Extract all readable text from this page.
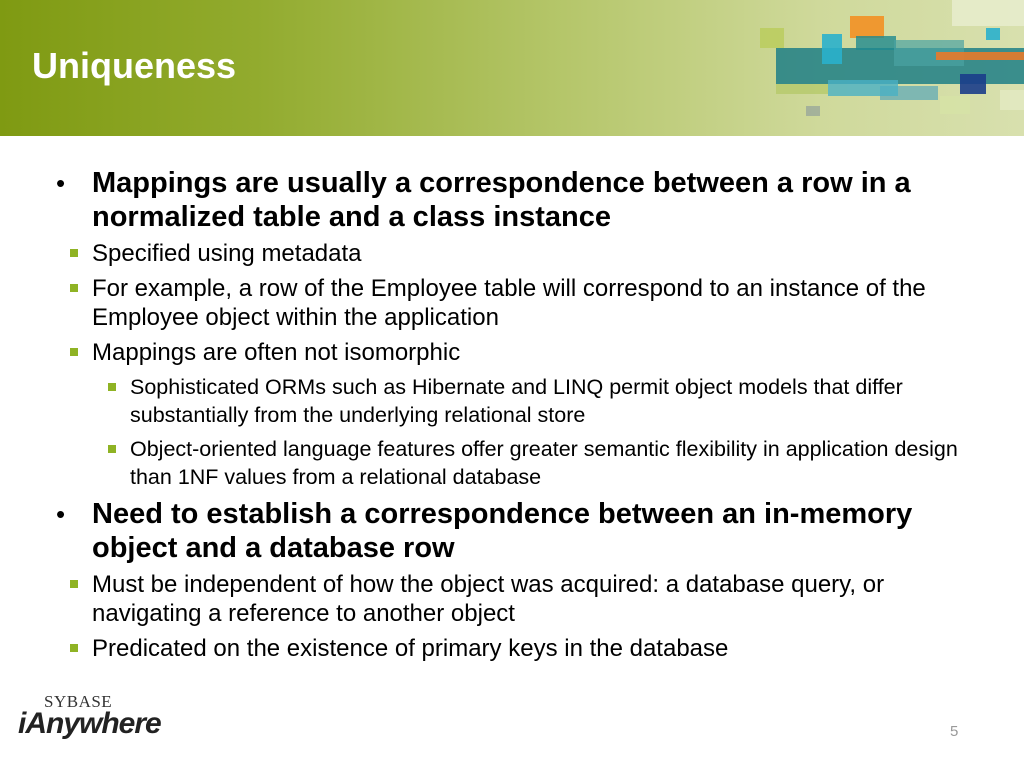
Uniqueness
• Mappings are usually a correspondence between a row in a normalized table and a class instance
Specified using metadata
For example, a row of the Employee table will correspond to an instance of the Employee object within the application
Mappings are often not isomorphic
Sophisticated ORMs such as Hibernate and LINQ permit object models that differ substantially from the underlying relational store
Object-oriented language features offer greater semantic flexibility in application design than 1NF values from a relational database
• Need to establish a correspondence between an in-memory object and a database row
Must be independent of how the object was acquired: a database query, or navigating a reference to another object
Predicated on the existence of primary keys in the database
SYBASE
iAnywhere	5
